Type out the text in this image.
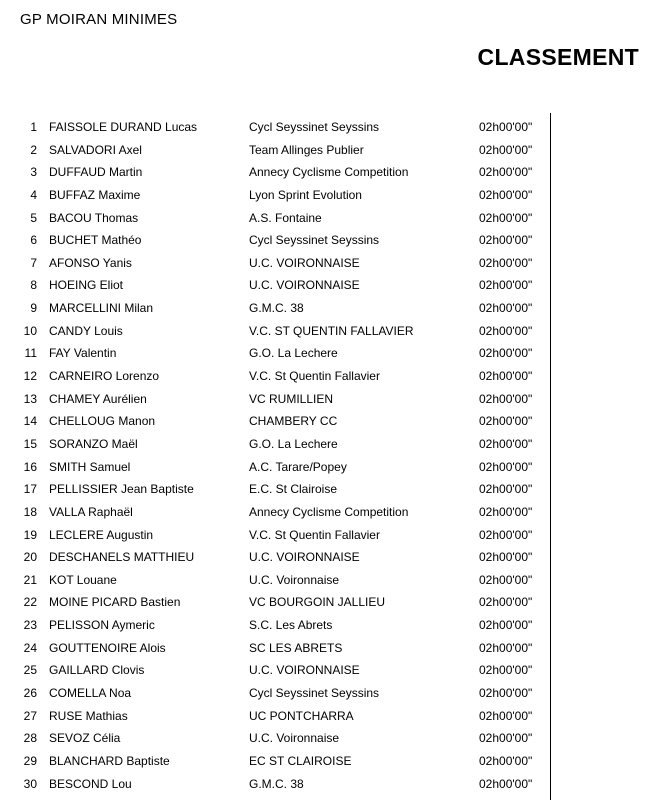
GP MOIRAN MINIMES
CLASSEMENT
1 FAISSOLE DURAND Lucas	Cycl Seyssinet Seyssins	02h00'00"
2 SALVADORI Axel	Team Allinges Publier	02h00'00"
3 DUFFAUD Martin	Annecy Cyclisme Competition	02h00'00"
4 BUFFAZ Maxime	Lyon Sprint Evolution	02h00'00"
5 BACOU Thomas	A.S. Fontaine	02h00'00"
6 BUCHET Mathéo	Cycl Seyssinet Seyssins	02h00'00"
7 AFONSO Yanis	U.C. VOIRONNAISE	02h00'00"
8 HOEING Eliot	U.C. VOIRONNAISE	02h00'00"
9 MARCELLINI Milan	G.M.C. 38	02h00'00"
10 CANDY Louis	V.C. ST QUENTIN FALLAVIER	02h00'00"
11 FAY Valentin	G.O. La Lechere	02h00'00"
12 CARNEIRO Lorenzo	V.C. St Quentin Fallavier	02h00'00"
13 CHAMEY Aurélien	VC RUMILLIEN	02h00'00"
14 CHELLOUG Manon	CHAMBERY CC	02h00'00"
15 SORANZO Maël	G.O. La Lechere	02h00'00"
16 SMITH Samuel	A.C. Tarare/Popey	02h00'00"
17 PELLISSIER Jean Baptiste	E.C. St Clairoise	02h00'00"
18 VALLA Raphaël	Annecy Cyclisme Competition	02h00'00"
19 LECLERE Augustin	V.C. St Quentin Fallavier	02h00'00"
20 DESCHANELS MATTHIEU	U.C. VOIRONNAISE	02h00'00"
21 KOT Louane	U.C. Voironnaise	02h00'00"
22 MOINE PICARD Bastien	VC BOURGOIN JALLIEU	02h00'00"
23 PELISSON Aymeric	S.C. Les Abrets	02h00'00"
24 GOUTTENOIRE Alois	SC LES ABRETS	02h00'00"
25 GAILLARD Clovis	U.C. VOIRONNAISE	02h00'00"
26 COMELLA Noa	Cycl Seyssinet Seyssins	02h00'00"
27 RUSE Mathias	UC PONTCHARRA	02h00'00"
28 SEVOZ Célia	U.C. Voironnaise	02h00'00"
29 BLANCHARD Baptiste	EC ST CLAIROISE	02h00'00"
30 BESCOND Lou	G.M.C. 38	02h00'00"
